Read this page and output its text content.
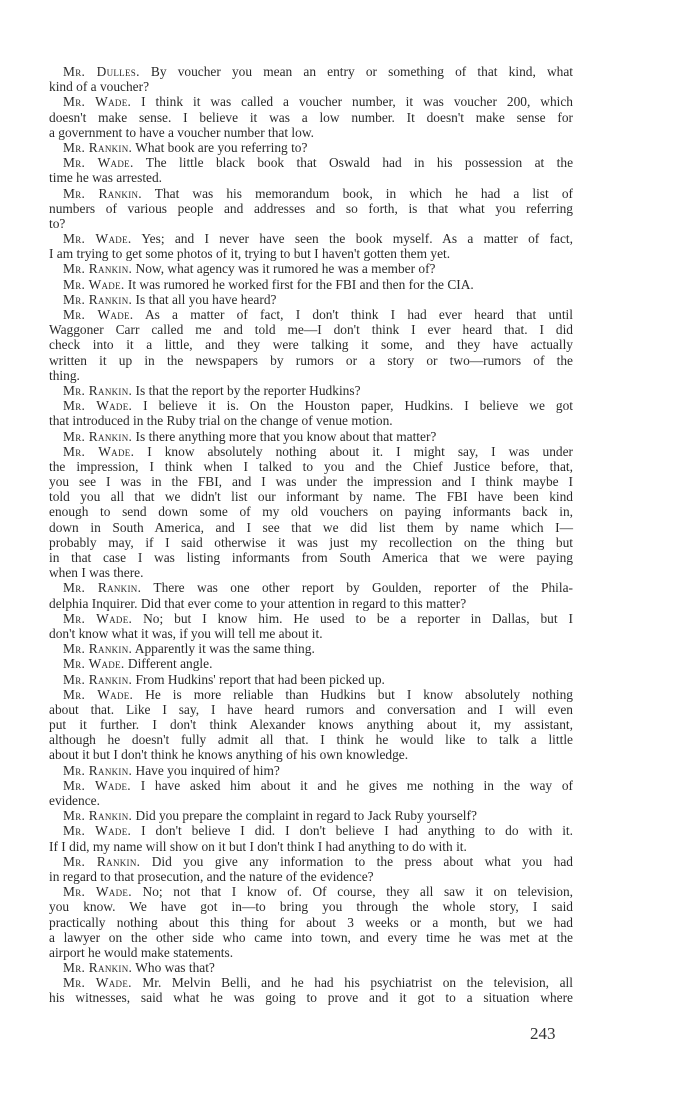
Mr. Dulles. By voucher you mean an entry or something of that kind, what
kind of a voucher?
Mr. Wade. I think it was called a voucher number, it was voucher 200, which
doesn't make sense. I believe it was a low number. It doesn't make sense for
a government to have a voucher number that low.
Mr. Rankin. What book are you referring to?
Mr. Wade. The little black book that Oswald had in his possession at the
time he was arrested.
Mr. Rankin. That was his memorandum book, in which he had a list of
numbers of various people and addresses and so forth, is that what you referring
to?
Mr. Wade. Yes; and I never have seen the book myself. As a matter of fact,
I am trying to get some photos of it, trying to but I haven't gotten them yet.
Mr. Rankin. Now, what agency was it rumored he was a member of?
Mr. Wade. It was rumored he worked first for the FBI and then for the CIA.
Mr. Rankin. Is that all you have heard?
Mr. Wade. As a matter of fact, I don't think I had ever heard that until
Waggoner Carr called me and told me—I don't think I ever heard that. I did
check into it a little, and they were talking it some, and they have actually
written it up in the newspapers by rumors or a story or two—rumors of the
thing.
Mr. Rankin. Is that the report by the reporter Hudkins?
Mr. Wade. I believe it is. On the Houston paper, Hudkins. I believe we got
that introduced in the Ruby trial on the change of venue motion.
Mr. Rankin. Is there anything more that you know about that matter?
Mr. Wade. I know absolutely nothing about it. I might say, I was under
the impression, I think when I talked to you and the Chief Justice before, that,
you see I was in the FBI, and I was under the impression and I think maybe I
told you all that we didn't list our informant by name. The FBI have been kind
enough to send down some of my old vouchers on paying informants back in,
down in South America, and I see that we did list them by name which I—
probably may, if I said otherwise it was just my recollection on the thing but
in that case I was listing informants from South America that we were paying
when I was there.
Mr. Rankin. There was one other report by Goulden, reporter of the Phila-
delphia Inquirer. Did that ever come to your attention in regard to this matter?
Mr. Wade. No; but I know him. He used to be a reporter in Dallas, but I
don't know what it was, if you will tell me about it.
Mr. Rankin. Apparently it was the same thing.
Mr. Wade. Different angle.
Mr. Rankin. From Hudkins' report that had been picked up.
Mr. Wade. He is more reliable than Hudkins but I know absolutely nothing
about that. Like I say, I have heard rumors and conversation and I will even
put it further. I don't think Alexander knows anything about it, my assistant,
although he doesn't fully admit all that. I think he would like to talk a little
about it but I don't think he knows anything of his own knowledge.
Mr. Rankin. Have you inquired of him?
Mr. Wade. I have asked him about it and he gives me nothing in the way of
evidence.
Mr. Rankin. Did you prepare the complaint in regard to Jack Ruby yourself?
Mr. Wade. I don't believe I did. I don't believe I had anything to do with it.
If I did, my name will show on it but I don't think I had anything to do with it.
Mr. Rankin. Did you give any information to the press about what you had
in regard to that prosecution, and the nature of the evidence?
Mr. Wade. No; not that I know of. Of course, they all saw it on television,
you know. We have got in—to bring you through the whole story, I said
practically nothing about this thing for about 3 weeks or a month, but we had
a lawyer on the other side who came into town, and every time he was met at the
airport he would make statements.
Mr. Rankin. Who was that?
Mr. Wade. Mr. Melvin Belli, and he had his psychiatrist on the television, all
his witnesses, said what he was going to prove and it got to a situation where
243
